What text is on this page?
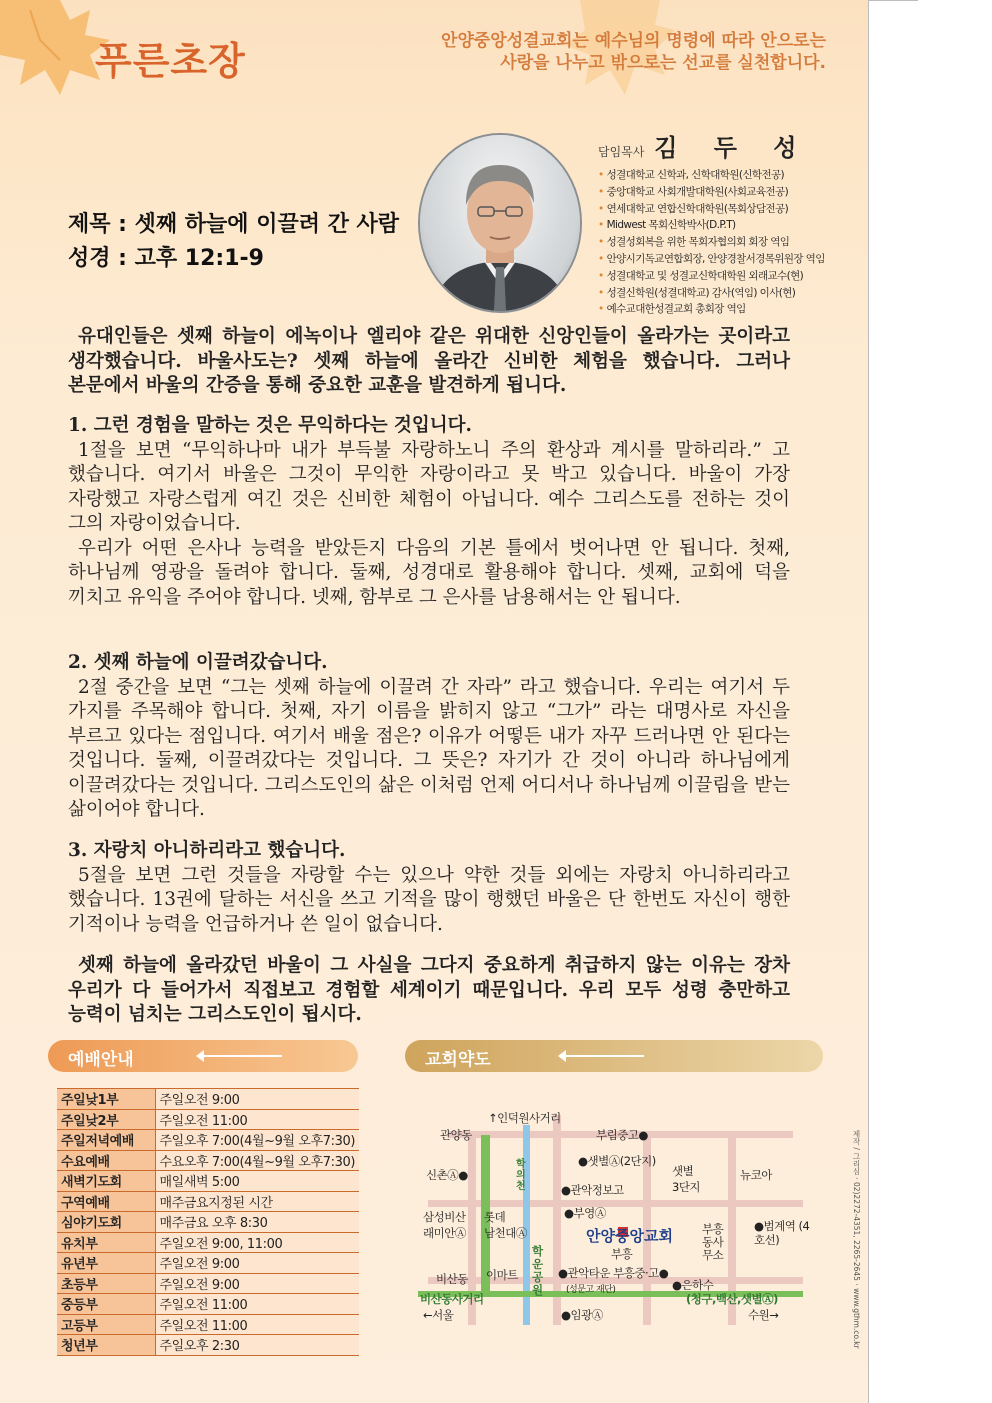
푸른초장	안양중앙성결교회는 예수님의 명령에 따라 안으로는
사랑을 나누고 밖으로는 선교를 실천합니다.
제목 : 셋째 하늘에 이끌려 간 사람
성경 : 고후 12:1-9
담임목사 김 두 성
• 성결대학교 신학과, 신학대학원(신학전공)
• 중앙대학교 사회개발대학원(사회교육전공)
• 연세대학교 연합신학대학원(목회상담전공)
• Midwest 목회신학박사(D.P.T)
• 성결성회복을 위한 목회자협의회 회장 역임
• 안양시기독교연합회장, 안양경찰서경목위원장 역임
• 성결대학교 및 성결교신학대학원 외래교수(현)
• 성결신학원(성결대학교) 감사(역임) 이사(현)
• 예수교대한성결교회 총회장 역임

유대인들은 셋째 하늘이 에녹이나 엘리야 같은 위대한 신앙인들이 올라가는 곳이라고 생각했습니다. 바울사도는? 셋째 하늘에 올라간 신비한 체험을 했습니다. 그러나 본문에서 바울의 간증을 통해 중요한 교훈을 발견하게 됩니다.

1. 그런 경험을 말하는 것은 무익하다는 것입니다.

1절을 보면 “무익하나마 내가 부득불 자랑하노니 주의 환상과 계시를 말하리라.” 고 했습니다. 여기서 바울은 그것이 무익한 자랑이라고 못 박고 있습니다. 바울이 가장 자랑했고 자랑스럽게 여긴 것은 신비한 체험이 아닙니다. 예수 그리스도를 전하는 것이 그의 자랑이었습니다.

우리가 어떤 은사나 능력을 받았든지 다음의 기본 틀에서 벗어나면 안 됩니다. 첫째, 하나님께 영광을 돌려야 합니다. 둘째, 성경대로 활용해야 합니다. 셋째, 교회에 덕을 끼치고 유익을 주어야 합니다. 넷째, 함부로 그 은사를 남용해서는 안 됩니다.

2. 셋째 하늘에 이끌려갔습니다.

2절 중간을 보면 “그는 셋째 하늘에 이끌려 간 자라” 라고 했습니다. 우리는 여기서 두 가지를 주목해야 합니다. 첫째, 자기 이름을 밝히지 않고 “그가” 라는 대명사로 자신을 부르고 있다는 점입니다. 여기서 배울 점은? 이유가 어떻든 내가 자꾸 드러나면 안 된다는 것입니다. 둘째, 이끌려갔다는 것입니다. 그 뜻은? 자기가 간 것이 아니라 하나님에게 이끌려갔다는 것입니다. 그리스도인의 삶은 이처럼 언제 어디서나 하나님께 이끌림을 받는 삶이어야 합니다.

3. 자랑치 아니하리라고 했습니다.

5절을 보면 그런 것들을 자랑할 수는 있으나 약한 것들 외에는 자랑치 아니하리라고 했습니다. 13권에 달하는 서신을 쓰고 기적을 많이 행했던 바울은 단 한번도 자신이 행한 기적이나 능력을 언급하거나 쓴 일이 없습니다.

셋째 하늘에 올라갔던 바울이 그 사실을 그다지 중요하게 취급하지 않는 이유는 장차 우리가 다 들어가서 직접보고 경험할 세계이기 때문입니다. 우리 모두 성령 충만하고 능력이 넘치는 그리스도인이 됩시다.

예배안내
주일낮1부	주일오전 9:00
주일낮2부	주일오전 11:00
주일저녁예배	주일오후 7:00(4월~9월 오후7:30)
수요예배	수요오후 7:00(4월~9월 오후7:30)
새벽기도회	매일새벽 5:00
구역예배	매주금요지정된 시간
심야기도회	매주금요 오후 8:30
유치부	주일오전 9:00, 11:00
유년부	주일오전 9:00
초등부	주일오전 9:00
중등부	주일오전 11:00
고등부	주일오전 11:00
청년부	주일오후 2:30
교회약도
관양동
↑인덕원사거리
부림중고●
신촌Ⓐ●
●샛별Ⓐ(2단지)
샛별 3단지
뉴코아
학의천	●관악정보고
삼성비산 래미안Ⓐ
롯데
남천대Ⓐ
●부영Ⓐ
안양중앙교회
부흥
부흥 동사 무소
●범계역 (4호선)
학운 공원
비산동 이마트	●관악타운 부흥중·고●
(성문고 재단)	●은하수
비산동사거리
←서울	●임광Ⓐ
(청구,백산,샛별Ⓐ)
수원→	제작 / 그리심 · 02)2272-4351, 2265-2645 · www.gthm.co.kr
